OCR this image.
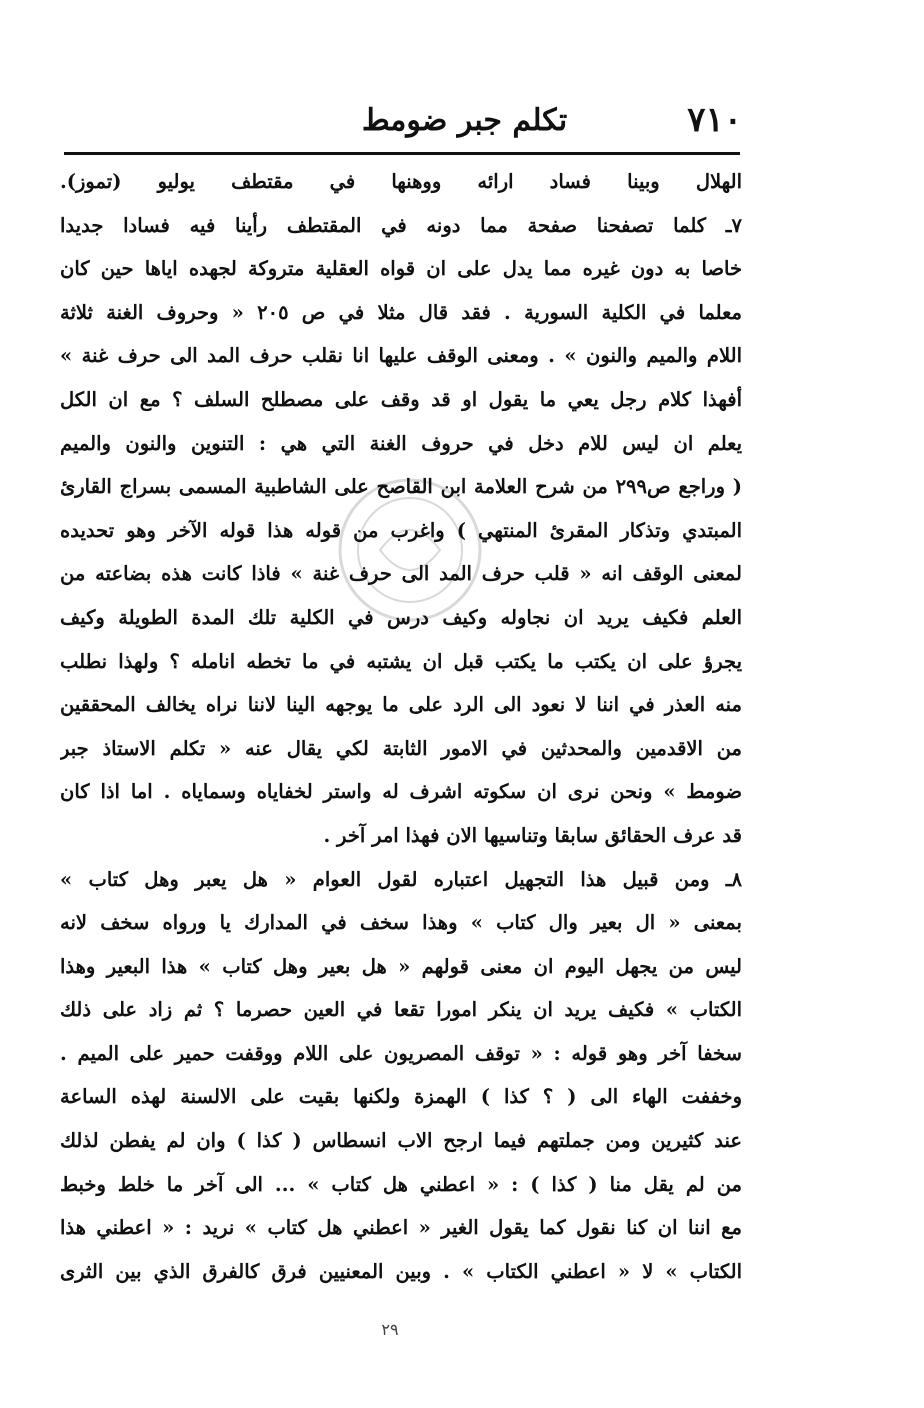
٧١٠
تكلم جبر ضومط
الهلال وبينا فساد ارائه ووهنها في مقتطف يوليو (تموز).
٧ـ كلما تصفحنا صفحة مما دونه في المقتطف رأينا فيه فسادا جديدا
خاصا به دون غيره مما يدل على ان قواه العقلية متروكة لجهده اياها حين كان
معلما في الكلية السورية . فقد قال مثلا في ص ٢٠٥ « وحروف الغنة ثلاثة
اللام والميم والنون » . ومعنى الوقف عليها انا نقلب حرف المد الى حرف غنة »
أفهذا كلام رجل يعي ما يقول او قد وقف على مصطلح السلف ؟ مع ان الكل
يعلم ان ليس للام دخل في حروف الغنة التي هي : التنوين والنون والميم
( وراجع ص٢٩٩ من شرح العلامة ابن القاصح على الشاطبية المسمى بسراج القارئ
المبتدي وتذكار المقرئ المنتهي ) واغرب من قوله هذا قوله الآخر وهو تحديده
لمعنى الوقف انه « قلب حرف المد الى حرف غنة » فاذا كانت هذه بضاعته من
العلم فكيف يريد ان نجاوله وكيف درس في الكلية تلك المدة الطويلة وكيف
يجرؤ على ان يكتب ما يكتب قبل ان يشتبه في ما تخطه انامله ؟ ولهذا نطلب
منه العذر في اننا لا نعود الى الرد على ما يوجهه الينا لاننا نراه يخالف المحققين
من الاقدمين والمحدثين في الامور الثابتة لكي يقال عنه « تكلم الاستاذ جبر
ضومط » ونحن نرى ان سكوته اشرف له واستر لخفاياه وسماياه . اما اذا كان
قد عرف الحقائق سابقا وتناسيها الان فهذا امر آخر .
٨ـ ومن قبيل هذا التجهيل اعتباره لقول العوام « هل يعبر وهل كتاب »
بمعنى « ال بعير وال كتاب » وهذا سخف في المدارك يا ورواه سخف لانه
ليس من يجهل اليوم ان معنى قولهم « هل بعير وهل كتاب » هذا البعير وهذا
الكتاب » فكيف يريد ان ينكر امورا تقعا في العين حصرما ؟ ثم زاد على ذلك
سخفا آخر وهو قوله : « توقف المصريون على اللام ووقفت حمير على الميم .
وخففت الهاء الى ( ؟ كذا ) الهمزة ولكنها بقيت على الالسنة لهذه الساعة
عند كثيرين ومن جملتهم فيما ارجح الاب انسطاس ( كذا ) وان لم يفطن لذلك
من لم يقل منا ( كذا ) : « اعطني هل كتاب » ... الى آخر ما خلط وخبط
مع اننا ان كنا نقول كما يقول الغير « اعطني هل كتاب » نريد : « اعطني هذا
الكتاب » لا « اعطني الكتاب » . وبين المعنيين فرق كالفرق الذي بين الثرى
٢٩
